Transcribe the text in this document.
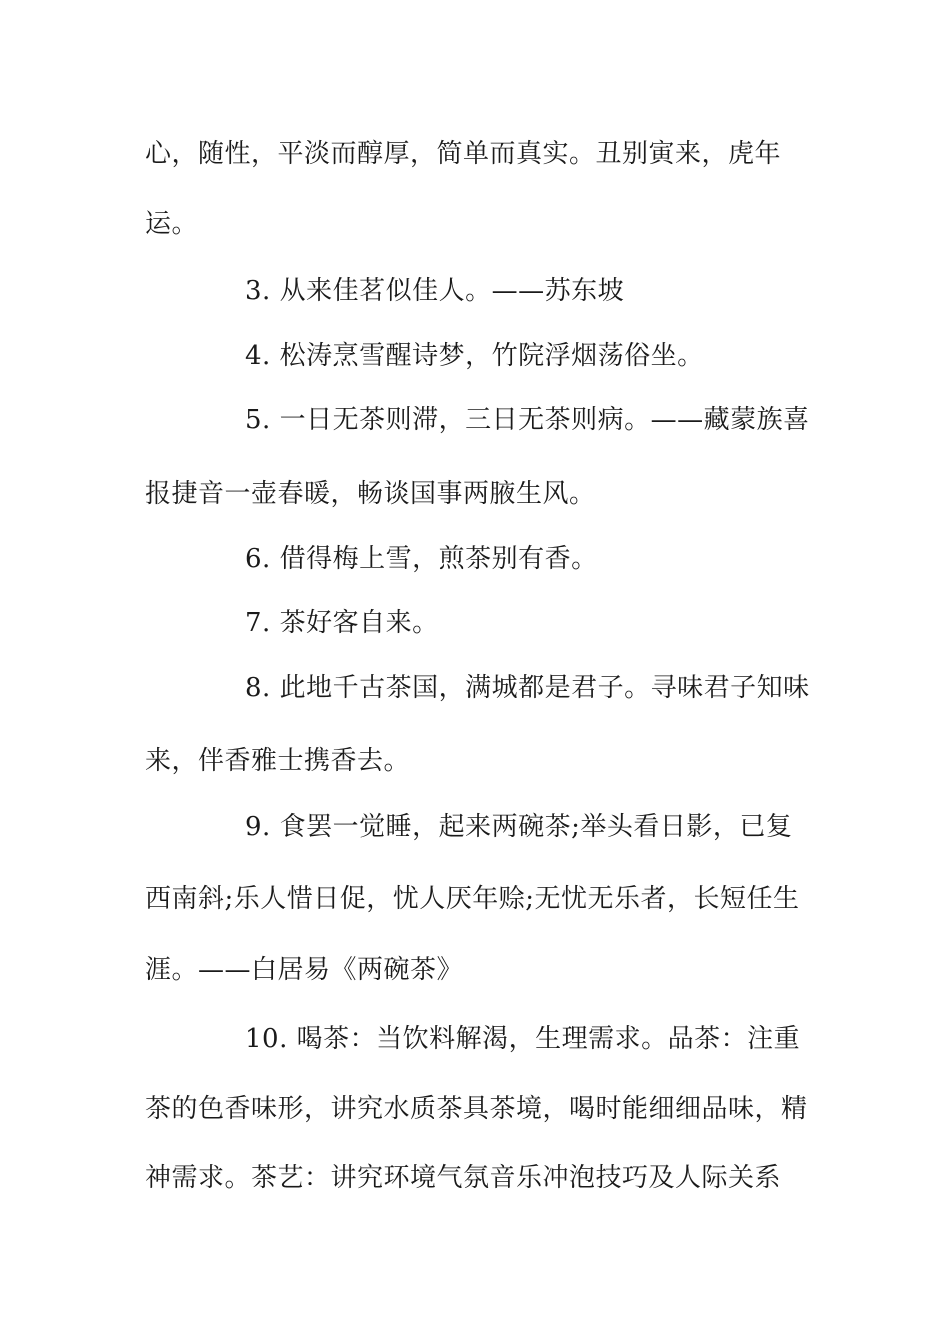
心，随性，平淡而醇厚，简单而真实。丑别寅来，虎年
运。
3. 从来佳茗似佳人。——苏东坡
4. 松涛烹雪醒诗梦，竹院浮烟荡俗坐。
5. 一日无茶则滞，三日无茶则病。——藏蒙族喜
报捷音一壶春暖，畅谈国事两腋生风。
6. 借得梅上雪，煎茶别有香。
7. 茶好客自来。
8. 此地千古茶国，满城都是君子。寻味君子知味
来，伴香雅士携香去。
9. 食罢一觉睡，起来两碗茶;举头看日影，已复
西南斜;乐人惜日促，忧人厌年赊;无忧无乐者，长短任生
涯。——白居易《两碗茶》
10. 喝茶：当饮料解渴，生理需求。品茶：注重
茶的色香味形，讲究水质茶具茶境，喝时能细细品味，精
神需求。茶艺：讲究环境气氛音乐冲泡技巧及人际关系
